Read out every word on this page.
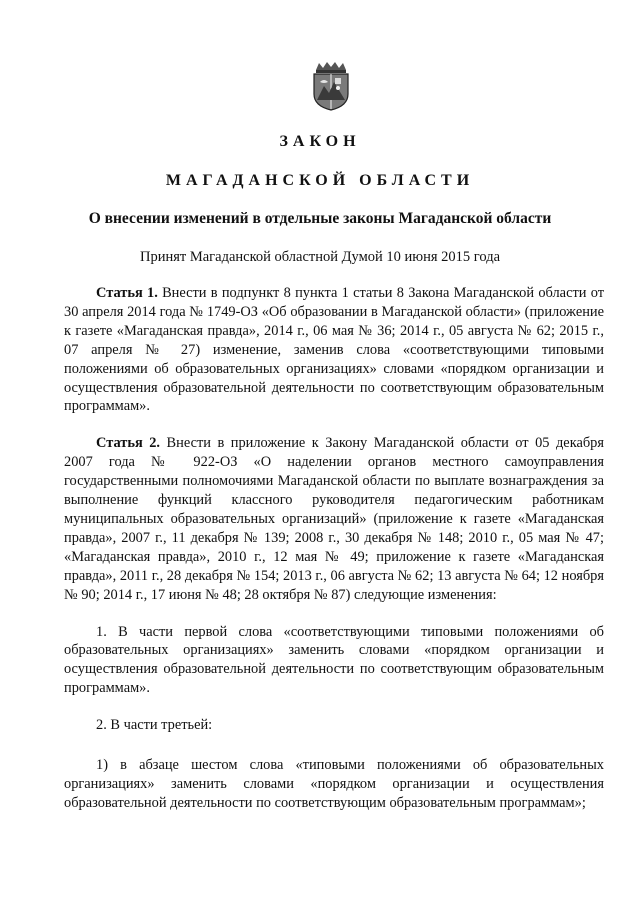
ЗАКОН
МАГАДАНСКОЙ ОБЛАСТИ
О внесении изменений в отдельные законы Магаданской области
Принят Магаданской областной Думой 10 июня 2015 года

Статья 1. Внести в подпункт 8 пункта 1 статьи 8 Закона Магаданской области от 30 апреля 2014 года № 1749-ОЗ «Об образовании в Магаданской области» (приложение к газете «Магаданская правда», 2014 г., 06 мая № 36; 2014 г., 05 августа № 62; 2015 г., 07 апреля № 27) изменение, заменив слова «соответствующими типовыми положениями об образовательных организациях» словами «порядком организации и осуществления образовательной деятельности по соответствующим образовательным программам».

Статья 2. Внести в приложение к Закону Магаданской области от 05 декабря 2007 года № 922-ОЗ «О наделении органов местного самоуправления государственными полномочиями Магаданской области по выплате вознаграждения за выполнение функций классного руководителя педагогическим работникам муниципальных образовательных организаций» (приложение к газете «Магаданская правда», 2007 г., 11 декабря № 139; 2008 г., 30 декабря № 148; 2010 г., 05 мая № 47; «Магаданская правда», 2010 г., 12 мая № 49; приложение к газете «Магаданская правда», 2011 г., 28 декабря № 154; 2013 г., 06 августа № 62; 13 августа № 64; 12 ноября № 90; 2014 г., 17 июня № 48; 28 октября № 87) следующие изменения:

1. В части первой слова «соответствующими типовыми положениями об образовательных организациях» заменить словами «порядком организации и осуществления образовательной деятельности по соответствующим образовательным программам».

2. В части третьей:

1) в абзаце шестом слова «типовыми положениями об образовательных организациях» заменить словами «порядком организации и осуществления образовательной деятельности по соответствующим образовательным программам»;
